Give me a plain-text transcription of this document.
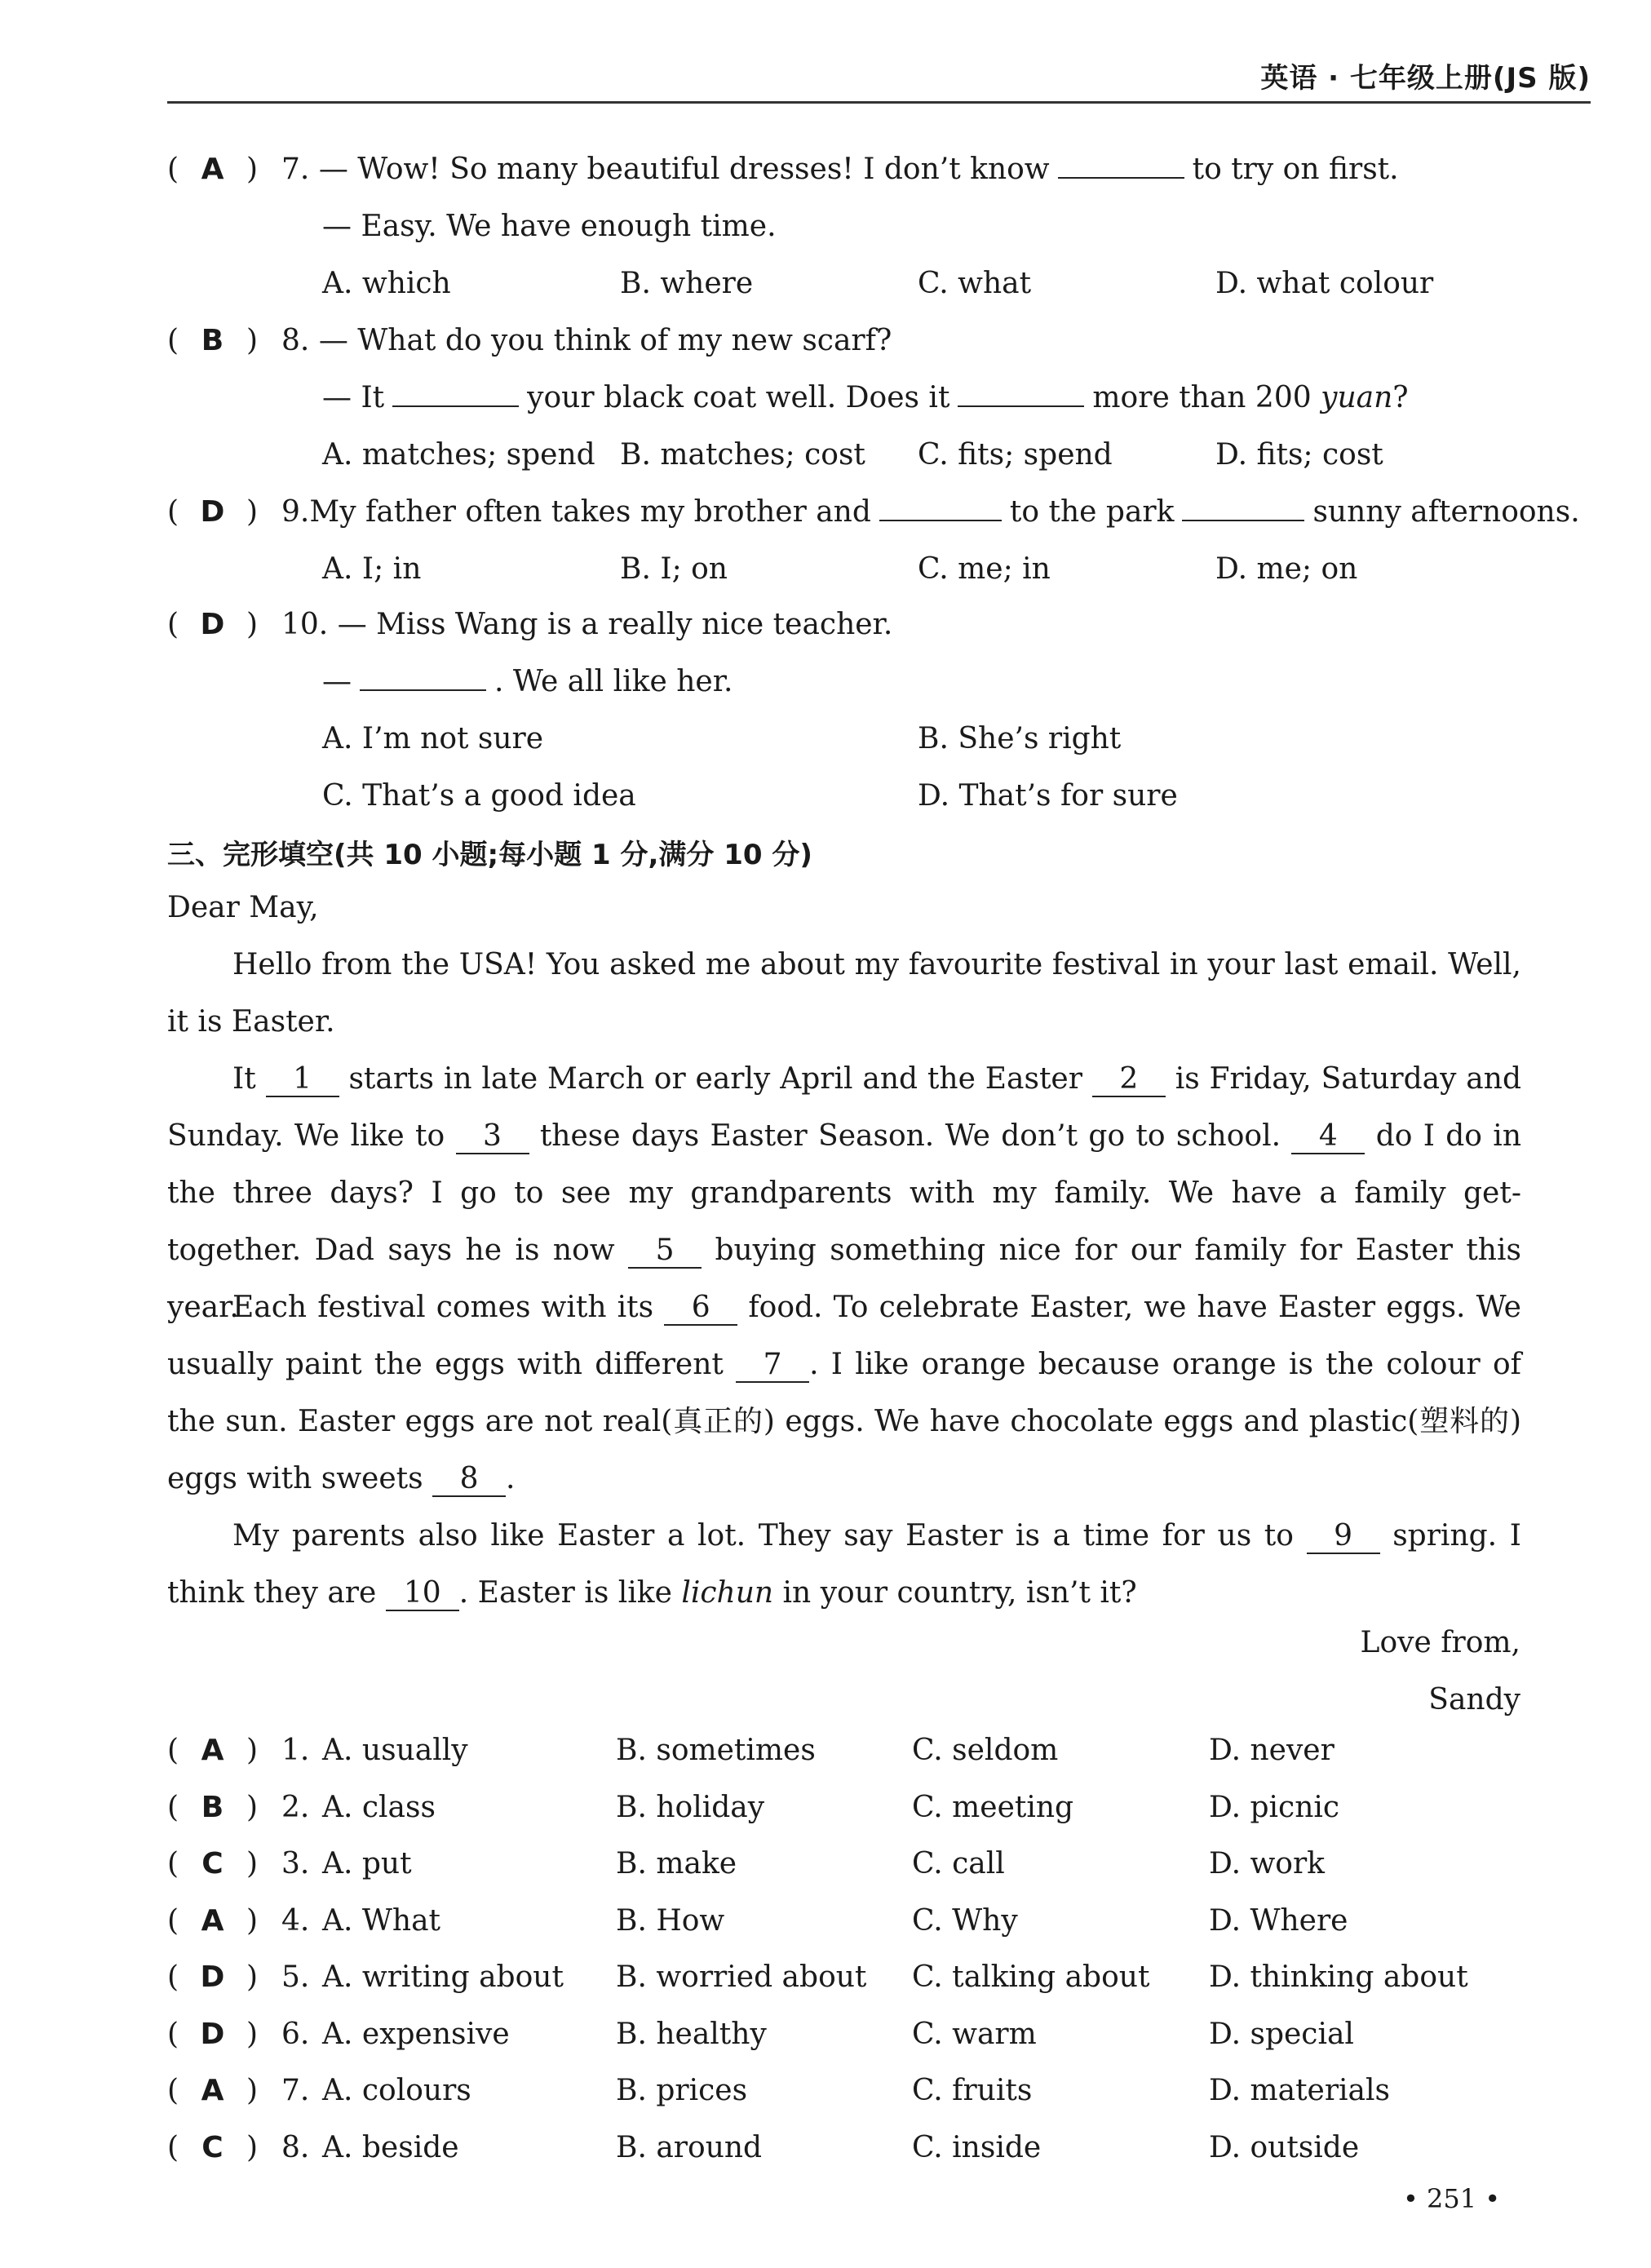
英语 · 七年级上册(JS 版)
( A ) 7. — Wow! So many beautiful dresses! I don’t know	to try on first.
— Easy. We have enough time.
A. which	B. where	C. what	D. what colour
( B ) 8. — What do you think of my new scarf?
— It	your black coat well. Does it	more than 200 yuan?
A. matches; spend B. matches; cost C. fits; spend	D. fits; cost
( D ) 9.My father often takes my brother and	to the park	sunny afternoons.
A. I; in	B. I; on	C. me; in	D. me; on
( D ) 10. — Miss Wang is a really nice teacher.
—	. We all like her.
A. I’m not sure	B. She’s right
C. That’s a good idea	D. That’s for sure
三、完形填空(共 10 小题;每小题 1 分,满分 10 分)
Dear May,
Hello from the USA! You asked me about my favourite festival in your last email. Well, it is Easter.
It 1 starts in late March or early April and the Easter 2 is Friday, Saturday and Sunday. We like to 3 these days Easter Season. We don’t go to school. 4 do I do in the three days? I go to see my grandparents with my family. We have a family get-together. Dad says he is now 5 buying something nice for our family for Easter this year.
Each festival comes with its 6 food. To celebrate Easter, we have Easter eggs. We usually paint the eggs with different 7 . I like orange because orange is the colour of the sun. Easter eggs are not real(真正的) eggs. We have chocolate eggs and plastic(塑料的) eggs with sweets 8 .
My parents also like Easter a lot. They say Easter is a time for us to 9 spring. I think they are 10 . Easter is like lichun in your country, isn’t it?
Love from,
Sandy
( A ) 1. A. usually	B. sometimes	C. seldom	D. never
( B ) 2. A. class	B. holiday	C. meeting	D. picnic
( C ) 3. A. put	B. make	C. call	D. work
( A ) 4. A. What	B. How	C. Why	D. Where
( D ) 5. A. writing about B. worried about C. talking about D. thinking about
( D ) 6. A. expensive	B. healthy	C. warm	D. special
( A ) 7. A. colours	B. prices	C. fruits	D. materials
( C ) 8. A. beside	B. around	C. inside	D. outside
• 251 •
